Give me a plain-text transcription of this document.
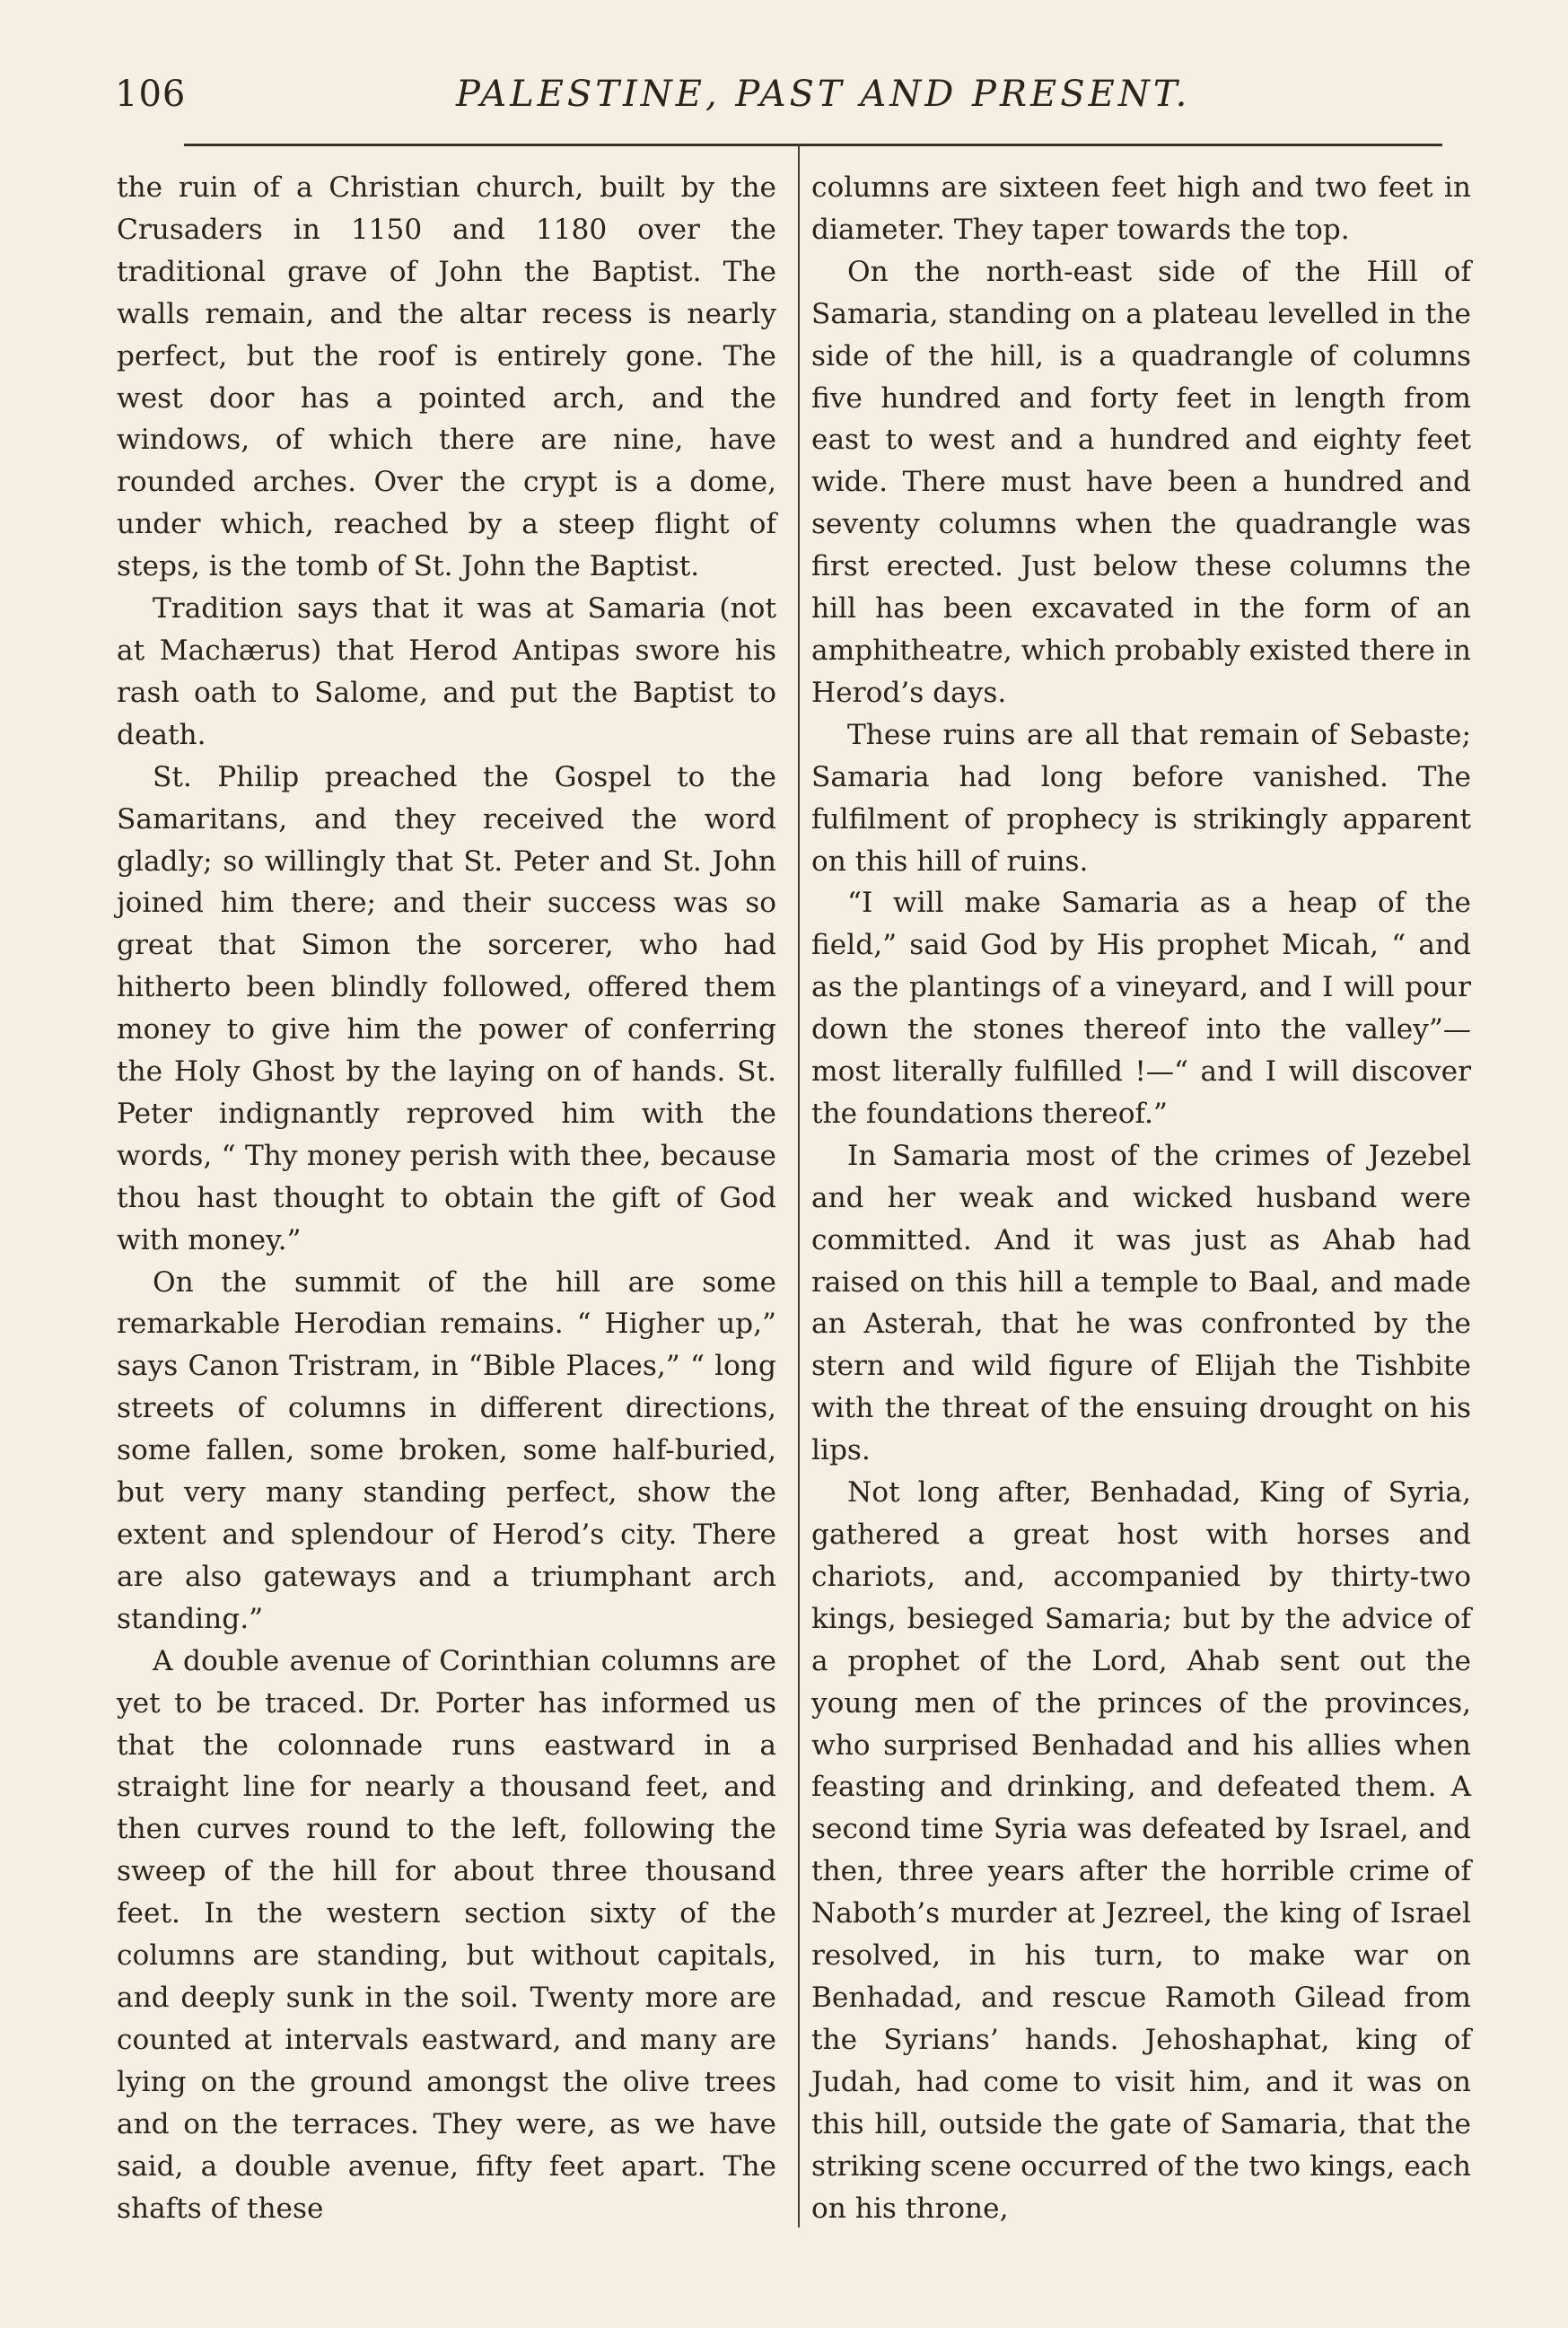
106	PALESTINE, PAST AND PRESENT.

the ruin of a Christian church, built by the Crusaders in 1150 and 1180 over the traditional grave of John the Baptist. The walls remain, and the altar recess is nearly perfect, but the roof is entirely gone. The west door has a pointed arch, and the windows, of which there are nine, have rounded arches. Over the crypt is a dome, under which, reached by a steep flight of steps, is the tomb of St. John the Baptist.

Tradition says that it was at Samaria (not at Machærus) that Herod Antipas swore his rash oath to Salome, and put the Baptist to death.

St. Philip preached the Gospel to the Samaritans, and they received the word gladly; so willingly that St. Peter and St. John joined him there; and their success was so great that Simon the sorcerer, who had hitherto been blindly followed, offered them money to give him the power of conferring the Holy Ghost by the laying on of hands. St. Peter indignantly reproved him with the words, “ Thy money perish with thee, because thou hast thought to obtain the gift of God with money.”

On the summit of the hill are some remarkable Herodian remains. “ Higher up,” says Canon Tristram, in “Bible Places,” “ long streets of columns in different directions, some fallen, some broken, some half-buried, but very many standing perfect, show the extent and splendour of Herod’s city. There are also gateways and a triumphant arch standing.”

A double avenue of Corinthian columns are yet to be traced. Dr. Porter has informed us that the colonnade runs eastward in a straight line for nearly a thousand feet, and then curves round to the left, following the sweep of the hill for about three thousand feet. In the western section sixty of the columns are standing, but without capitals, and deeply sunk in the soil. Twenty more are counted at intervals eastward, and many are lying on the ground amongst the olive trees and on the terraces. They were, as we have said, a double avenue, fifty feet apart. The shafts of these

columns are sixteen feet high and two feet in diameter. They taper towards the top.

On the north-east side of the Hill of Samaria, standing on a plateau levelled in the side of the hill, is a quadrangle of columns five hundred and forty feet in length from east to west and a hundred and eighty feet wide. There must have been a hundred and seventy columns when the quadrangle was first erected. Just below these columns the hill has been excavated in the form of an amphitheatre, which probably existed there in Herod’s days.

These ruins are all that remain of Sebaste; Samaria had long before vanished. The fulfilment of prophecy is strikingly apparent on this hill of ruins.

“I will make Samaria as a heap of the field,” said God by His prophet Micah, “ and as the plantings of a vineyard, and I will pour down the stones thereof into the valley”—most literally fulfilled !—“ and I will discover the foundations thereof.”

In Samaria most of the crimes of Jezebel and her weak and wicked husband were committed. And it was just as Ahab had raised on this hill a temple to Baal, and made an Asterah, that he was confronted by the stern and wild figure of Elijah the Tishbite with the threat of the ensuing drought on his lips.

Not long after, Benhadad, King of Syria, gathered a great host with horses and chariots, and, accompanied by thirty-two kings, besieged Samaria; but by the advice of a prophet of the Lord, Ahab sent out the young men of the princes of the provinces, who surprised Benhadad and his allies when feasting and drinking, and defeated them. A second time Syria was defeated by Israel, and then, three years after the horrible crime of Naboth’s murder at Jezreel, the king of Israel resolved, in his turn, to make war on Benhadad, and rescue Ramoth Gilead from the Syrians’ hands. Jehoshaphat, king of Judah, had come to visit him, and it was on this hill, outside the gate of Samaria, that the striking scene occurred of the two kings, each on his throne,
